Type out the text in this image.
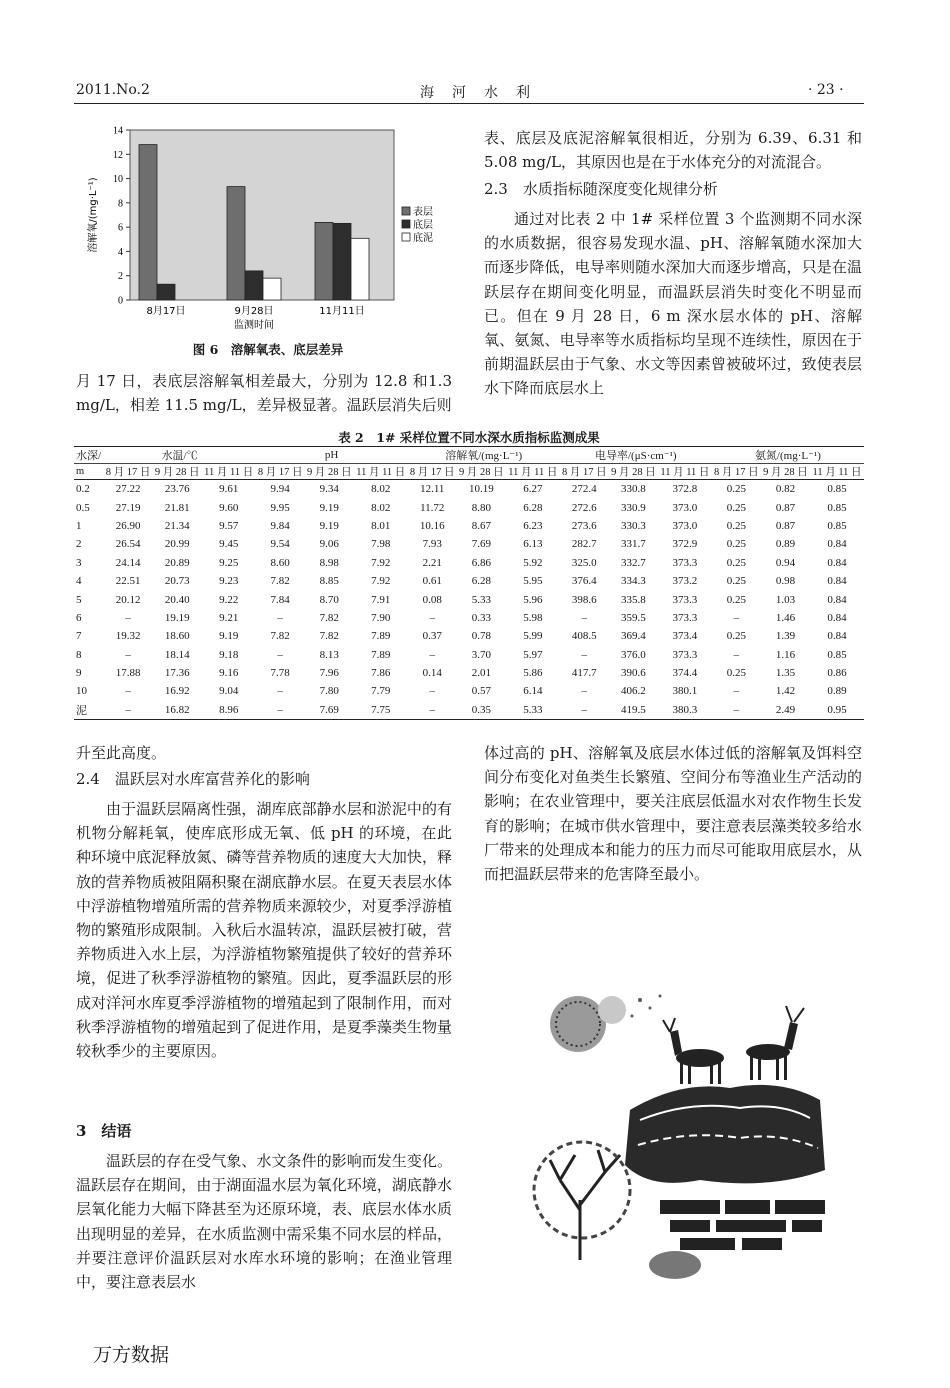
2011.No.2	海　河　水　利	· 23 ·
0
2
4
6
8
10
12
14
8月17日	9月28日	11月11日
监测时间
溶解氧/(mg·L⁻¹)	表层
底层
底泥
图 6　溶解氧表、底层差异
月 17 日，表底层溶解氧相差最大，分别为 12.8 和1.3 mg/L，相差 11.5 mg/L，差异极显著。温跃层消失后则
表、底层及底泥溶解氧很相近，分别为 6.39、6.31 和 5.08 mg/L，其原因也是在于水体充分的对流混合。
2.3　水质指标随深度变化规律分析
通过对比表 2 中 1# 采样位置 3 个监测期不同水深的水质数据，很容易发现水温、pH、溶解氧随水深加大而逐步降低，电导率则随水深加大而逐步增高，只是在温跃层存在期间变化明显，而温跃层消失时变化不明显而已。但在 9 月 28 日，6 m 深水层水体的 pH、溶解氧、氨氮、电导率等水质指标均呈现不连续性，原因在于前期温跃层由于气象、水文等因素曾被破坏过，致使表层水下降而底层水上
表 2　1# 采样位置不同水深水质指标监测成果
水深/	水温/℃			pH			溶解氧/(mg·L⁻¹)			电导率/(μS·cm⁻¹)			氨氮/(mg·L⁻¹)		
m	8 月 17 日	9 月 28 日	11 月 11 日	8 月 17 日	9 月 28 日	11 月 11 日	8 月 17 日	9 月 28 日	11 月 11 日	8 月 17 日	9 月 28 日	11 月 11 日	8 月 17 日	9 月 28 日	11 月 11 日
0.2	27.22	23.76	9.61	9.94	9.34	8.02	12.11	10.19	6.27	272.4	330.8	372.8	0.25	0.82	0.85
0.5	27.19	21.81	9.60	9.95	9.19	8.02	11.72	8.80	6.28	272.6	330.9	373.0	0.25	0.87	0.85
1	26.90	21.34	9.57	9.84	9.19	8.01	10.16	8.67	6.23	273.6	330.3	373.0	0.25	0.87	0.85
2	26.54	20.99	9.45	9.54	9.06	7.98	7.93	7.69	6.13	282.7	331.7	372.9	0.25	0.89	0.84
3	24.14	20.89	9.25	8.60	8.98	7.92	2.21	6.86	5.92	325.0	332.7	373.3	0.25	0.94	0.84
4	22.51	20.73	9.23	7.82	8.85	7.92	0.61	6.28	5.95	376.4	334.3	373.2	0.25	0.98	0.84
5	20.12	20.40	9.22	7.84	8.70	7.91	0.08	5.33	5.96	398.6	335.8	373.3	0.25	1.03	0.84
6	–	19.19	9.21	–	7.82	7.90	–	0.33	5.98	–	359.5	373.3	–	1.46	0.84
7	19.32	18.60	9.19	7.82	7.82	7.89	0.37	0.78	5.99	408.5	369.4	373.4	0.25	1.39	0.84
8	–	18.14	9.18	–	8.13	7.89	–	3.70	5.97	–	376.0	373.3	–	1.16	0.85
9	17.88	17.36	9.16	7.78	7.96	7.86	0.14	2.01	5.86	417.7	390.6	374.4	0.25	1.35	0.86
10	–	16.92	9.04	–	7.80	7.79	–	0.57	6.14	–	406.2	380.1	–	1.42	0.89
泥	–	16.82	8.96	–	7.69	7.75	–	0.35	5.33	–	419.5	380.3	–	2.49	0.95
升至此高度。
2.4　温跃层对水库富营养化的影响
由于温跃层隔离性强，湖库底部静水层和淤泥中的有机物分解耗氧，使库底形成无氧、低 pH 的环境，在此种环境中底泥释放氮、磷等营养物质的速度大大加快，释放的营养物质被阻隔积聚在湖底静水层。在夏天表层水体中浮游植物增殖所需的营养物质来源较少，对夏季浮游植物的繁殖形成限制。入秋后水温转凉，温跃层被打破，营养物质进入水上层，为浮游植物繁殖提供了较好的营养环境，促进了秋季浮游植物的繁殖。因此，夏季温跃层的形成对洋河水库夏季浮游植物的增殖起到了限制作用，而对秋季浮游植物的增殖起到了促进作用，是夏季藻类生物量较秋季少的主要原因。
3　结语
温跃层的存在受气象、水文条件的影响而发生变化。温跃层存在期间，由于湖面温水层为氧化环境，湖底静水层氧化能力大幅下降甚至为还原环境，表、底层水体水质出现明显的差异，在水质监测中需采集不同水层的样品，并要注意评价温跃层对水库水环境的影响；在渔业管理中，要注意表层水
体过高的 pH、溶解氧及底层水体过低的溶解氧及饵料空间分布变化对鱼类生长繁殖、空间分布等渔业生产活动的影响；在农业管理中，要关注底层低温水对农作物生长发育的影响；在城市供水管理中，要注意表层藻类较多给水厂带来的处理成本和能力的压力而尽可能取用底层水，从而把温跃层带来的危害降至最小。
万方数据
